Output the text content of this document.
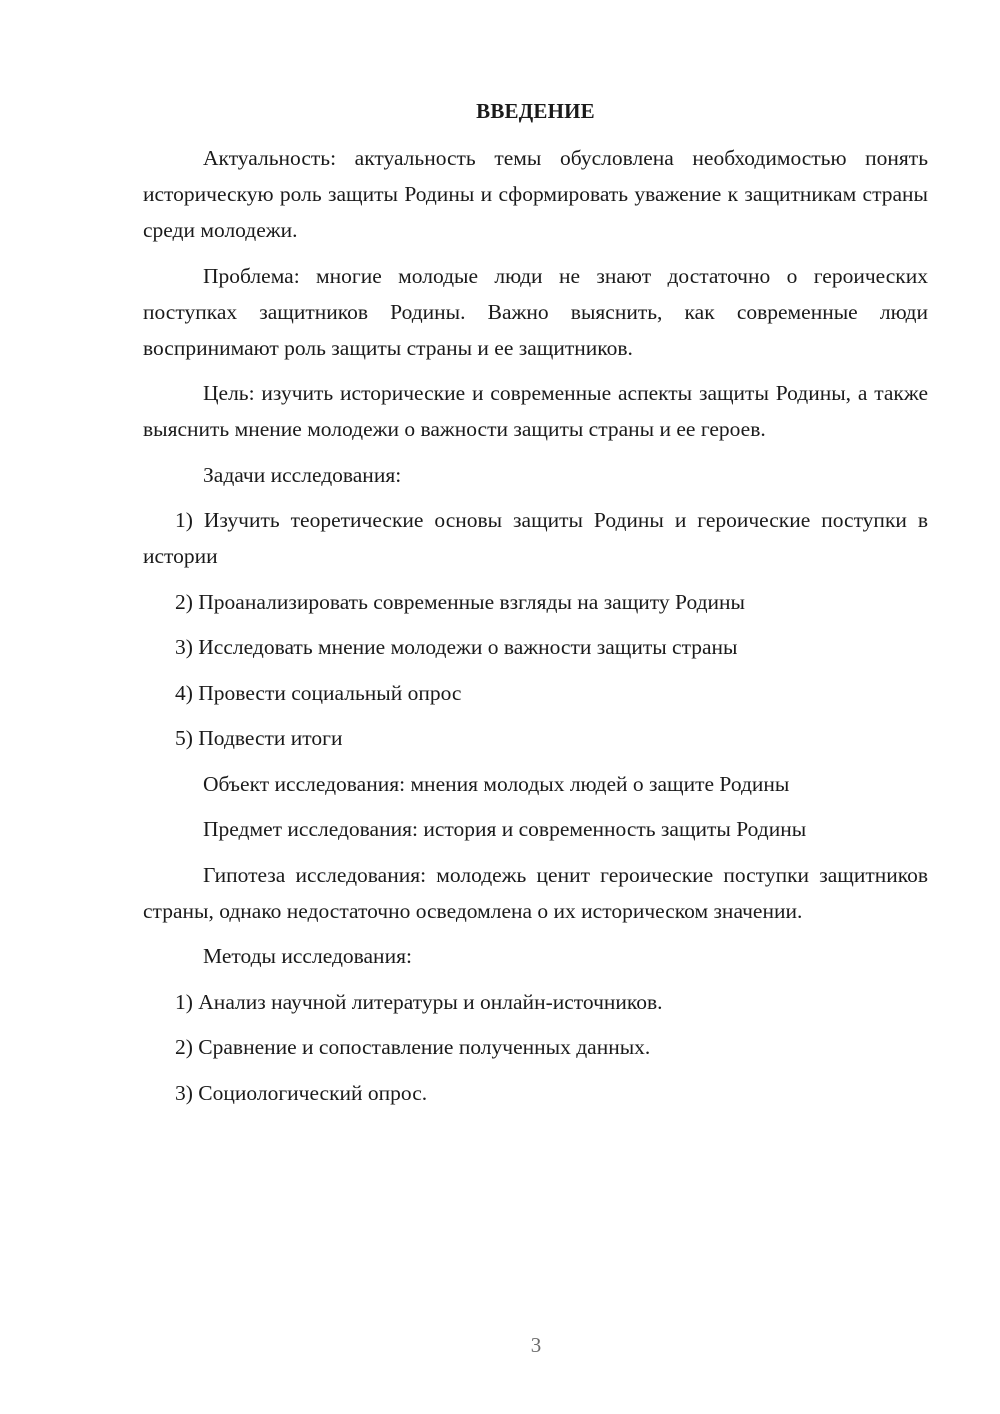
ВВЕДЕНИЕ

Актуальность: актуальность темы обусловлена необходимостью понять историческую роль защиты Родины и сформировать уважение к защитникам страны среди молодежи.

Проблема: многие молодые люди не знают достаточно о героических поступках защитников Родины. Важно выяснить, как современные люди воспринимают роль защиты страны и ее защитников.

Цель: изучить исторические и современные аспекты защиты Родины, а также выяснить мнение молодежи о важности защиты страны и ее героев.

Задачи исследования:

1) Изучить теоретические основы защиты Родины и героические поступки в истории

2) Проанализировать современные взгляды на защиту Родины

3) Исследовать мнение молодежи о важности защиты страны

4) Провести социальный опрос

5) Подвести итоги

Объект исследования: мнения молодых людей о защите Родины

Предмет исследования: история и современность защиты Родины

Гипотеза исследования: молодежь ценит героические поступки защитников страны, однако недостаточно осведомлена о их историческом значении.

Методы исследования:

1) Анализ научной литературы и онлайн-источников.

2) Сравнение и сопоставление полученных данных.

3) Социологический опрос.

3
